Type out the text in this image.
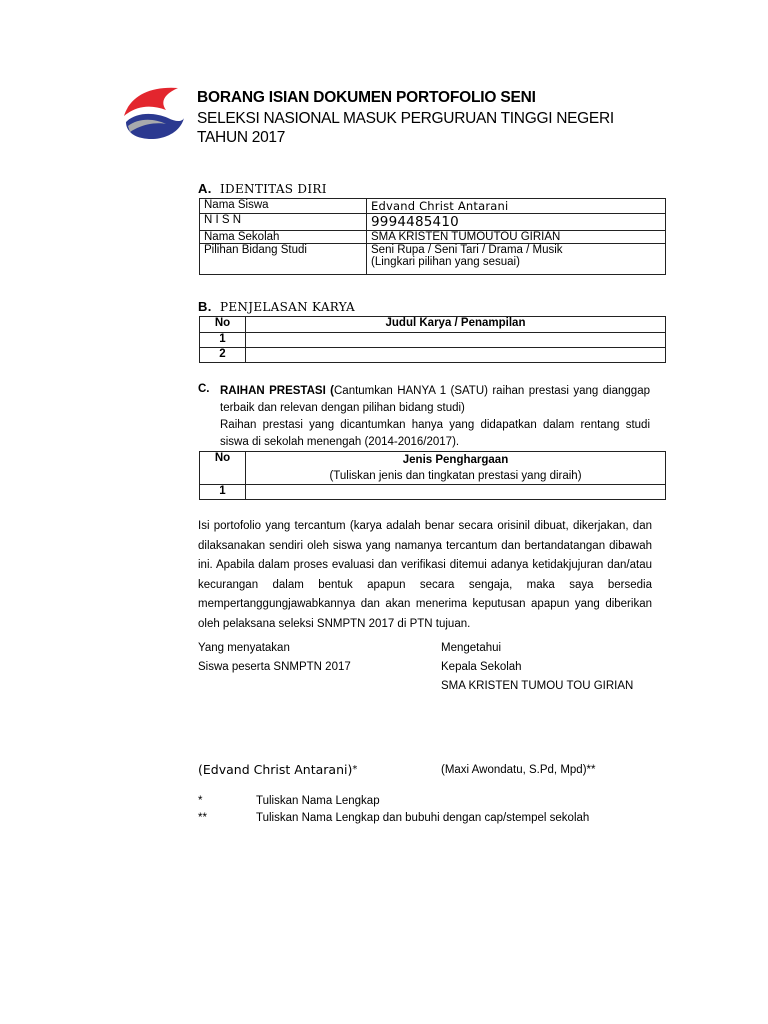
BORANG ISIAN DOKUMEN PORTOFOLIO SENI
SELEKSI NASIONAL MASUK PERGURUAN TINGGI NEGERI
TAHUN 2017
A. IDENTITAS DIRI
Nama Siswa	Edvand Christ Antarani
N I S N	9994485410
Nama Sekolah	SMA KRISTEN TUMOUTOU GIRIAN
Pilihan Bidang Studi	Seni Rupa / Seni Tari / Drama / Musik
(Lingkari pilihan yang sesuai)
B. PENJELASAN KARYA
No	Judul Karya / Penampilan
1	
2	
C. RAIHAN PRESTASI (Cantumkan HANYA 1 (SATU) raihan prestasi yang dianggap terbaik dan relevan dengan pilihan bidang studi)
Raihan prestasi yang dicantumkan hanya yang didapatkan dalam rentang studi siswa di sekolah menengah (2014-2016/2017).
No	Jenis Penghargaan
(Tuliskan jenis dan tingkatan prestasi yang diraih)

1	
Isi portofolio yang tercantum (karya adalah benar secara orisinil dibuat, dikerjakan, dan dilaksanakan sendiri oleh siswa yang namanya tercantum dan bertandatangan dibawah ini. Apabila dalam proses evaluasi dan verifikasi ditemui adanya ketidakjujuran dan/atau kecurangan dalam bentuk apapun secara sengaja, maka saya bersedia mempertanggungjawabkannya dan akan menerima keputusan apapun yang diberikan oleh pelaksana seleksi SNMPTN 2017 di PTN tujuan.
Yang menyatakan
Siswa peserta SNMPTN 2017
Mengetahui
Kepala Sekolah
SMA KRISTEN TUMOU TOU GIRIAN
(Edvand Christ Antarani)*	(Maxi Awondatu, S.Pd, Mpd)**
*	Tuliskan Nama Lengkap
**	Tuliskan Nama Lengkap dan bubuhi dengan cap/stempel sekolah
